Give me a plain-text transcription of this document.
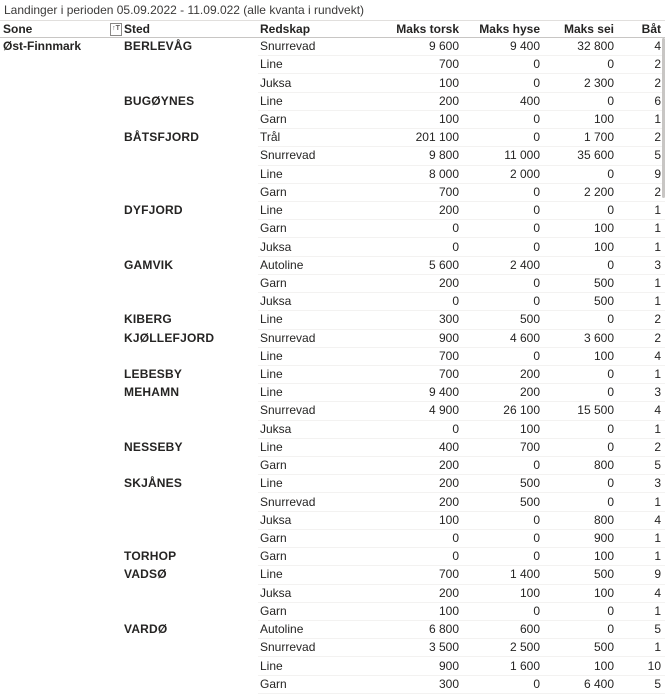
Landinger i perioden 05.09.2022 - 11.09.022 (alle kvanta i rundvekt)
Sone ↑T	Sted	Redskap	Maks torsk	Maks hyse	Maks sei	Båt
Øst-Finnmark	BERLEVÅG	Snurrevad	9 600	9 400	32 800	4
		Line	700	0	0	2
		Juksa	100	0	2 300	2
	BUGØYNES	Line	200	400	0	6
		Garn	100	0	100	1
	BÅTSFJORD	Trål	201 100	0	1 700	2
		Snurrevad	9 800	11 000	35 600	5
		Line	8 000	2 000	0	9
		Garn	700	0	2 200	2
	DYFJORD	Line	200	0	0	1
		Garn	0	0	100	1
		Juksa	0	0	100	1
	GAMVIK	Autoline	5 600	2 400	0	3
		Garn	200	0	500	1
		Juksa	0	0	500	1
	KIBERG	Line	300	500	0	2
	KJØLLEFJORD	Snurrevad	900	4 600	3 600	2
		Line	700	0	100	4
	LEBESBY	Line	700	200	0	1
	MEHAMN	Line	9 400	200	0	3
		Snurrevad	4 900	26 100	15 500	4
		Juksa	0	100	0	1
	NESSEBY	Line	400	700	0	2
		Garn	200	0	800	5
	SKJÅNES	Line	200	500	0	3
		Snurrevad	200	500	0	1
		Juksa	100	0	800	4
		Garn	0	0	900	1
	TORHOP	Garn	0	0	100	1
	VADSØ	Line	700	1 400	500	9
		Juksa	200	100	100	4
		Garn	100	0	0	1
	VARDØ	Autoline	6 800	600	0	5
		Snurrevad	3 500	2 500	500	1
		Line	900	1 600	100	10
		Garn	300	0	6 400	5
